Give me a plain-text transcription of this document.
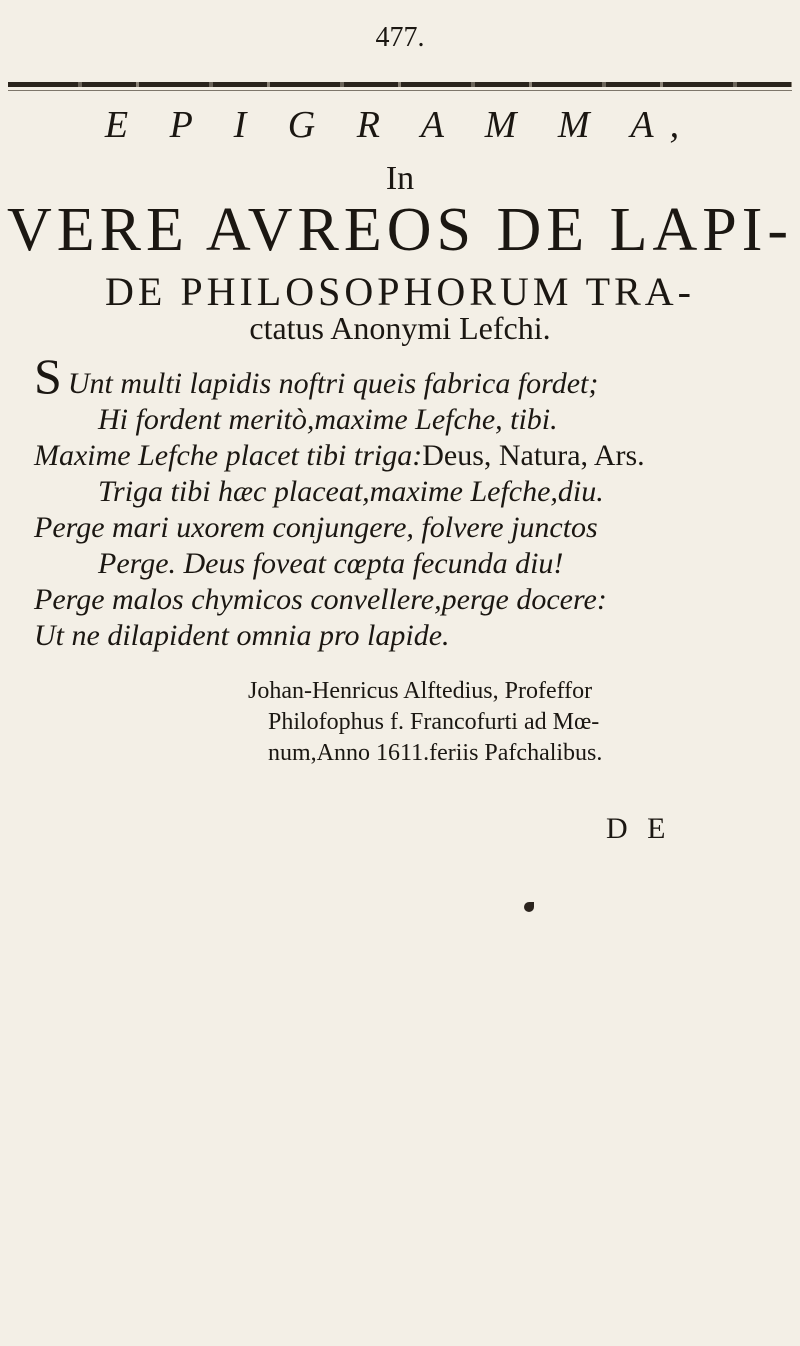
477.
E P I G R A M M A,
In
VERE AVREOS DE LAPI-
DE PHILOSOPHORUM TRA-
ctatus Anonymi Lefchi.
S Unt multi lapidis noftri queis fabrica fordet;
Hi fordent meritò,maxime Lefche, tibi.
Maxime Lefche placet tibi triga:Deus, Natura, Ars.
Triga tibi hæc placeat,maxime Lefche,diu.
Perge mari uxorem conjungere, folvere junctos
Perge. Deus foveat cœpta fecunda diu!
Perge malos chymicos convellere,perge docere:
Ut ne dilapident omnia pro lapide.
Johan-Henricus Alftedius, Profeffor
Philofophus f. Francofurti ad Mœ-
num,Anno 1611.feriis Pafchalibus.
D E
